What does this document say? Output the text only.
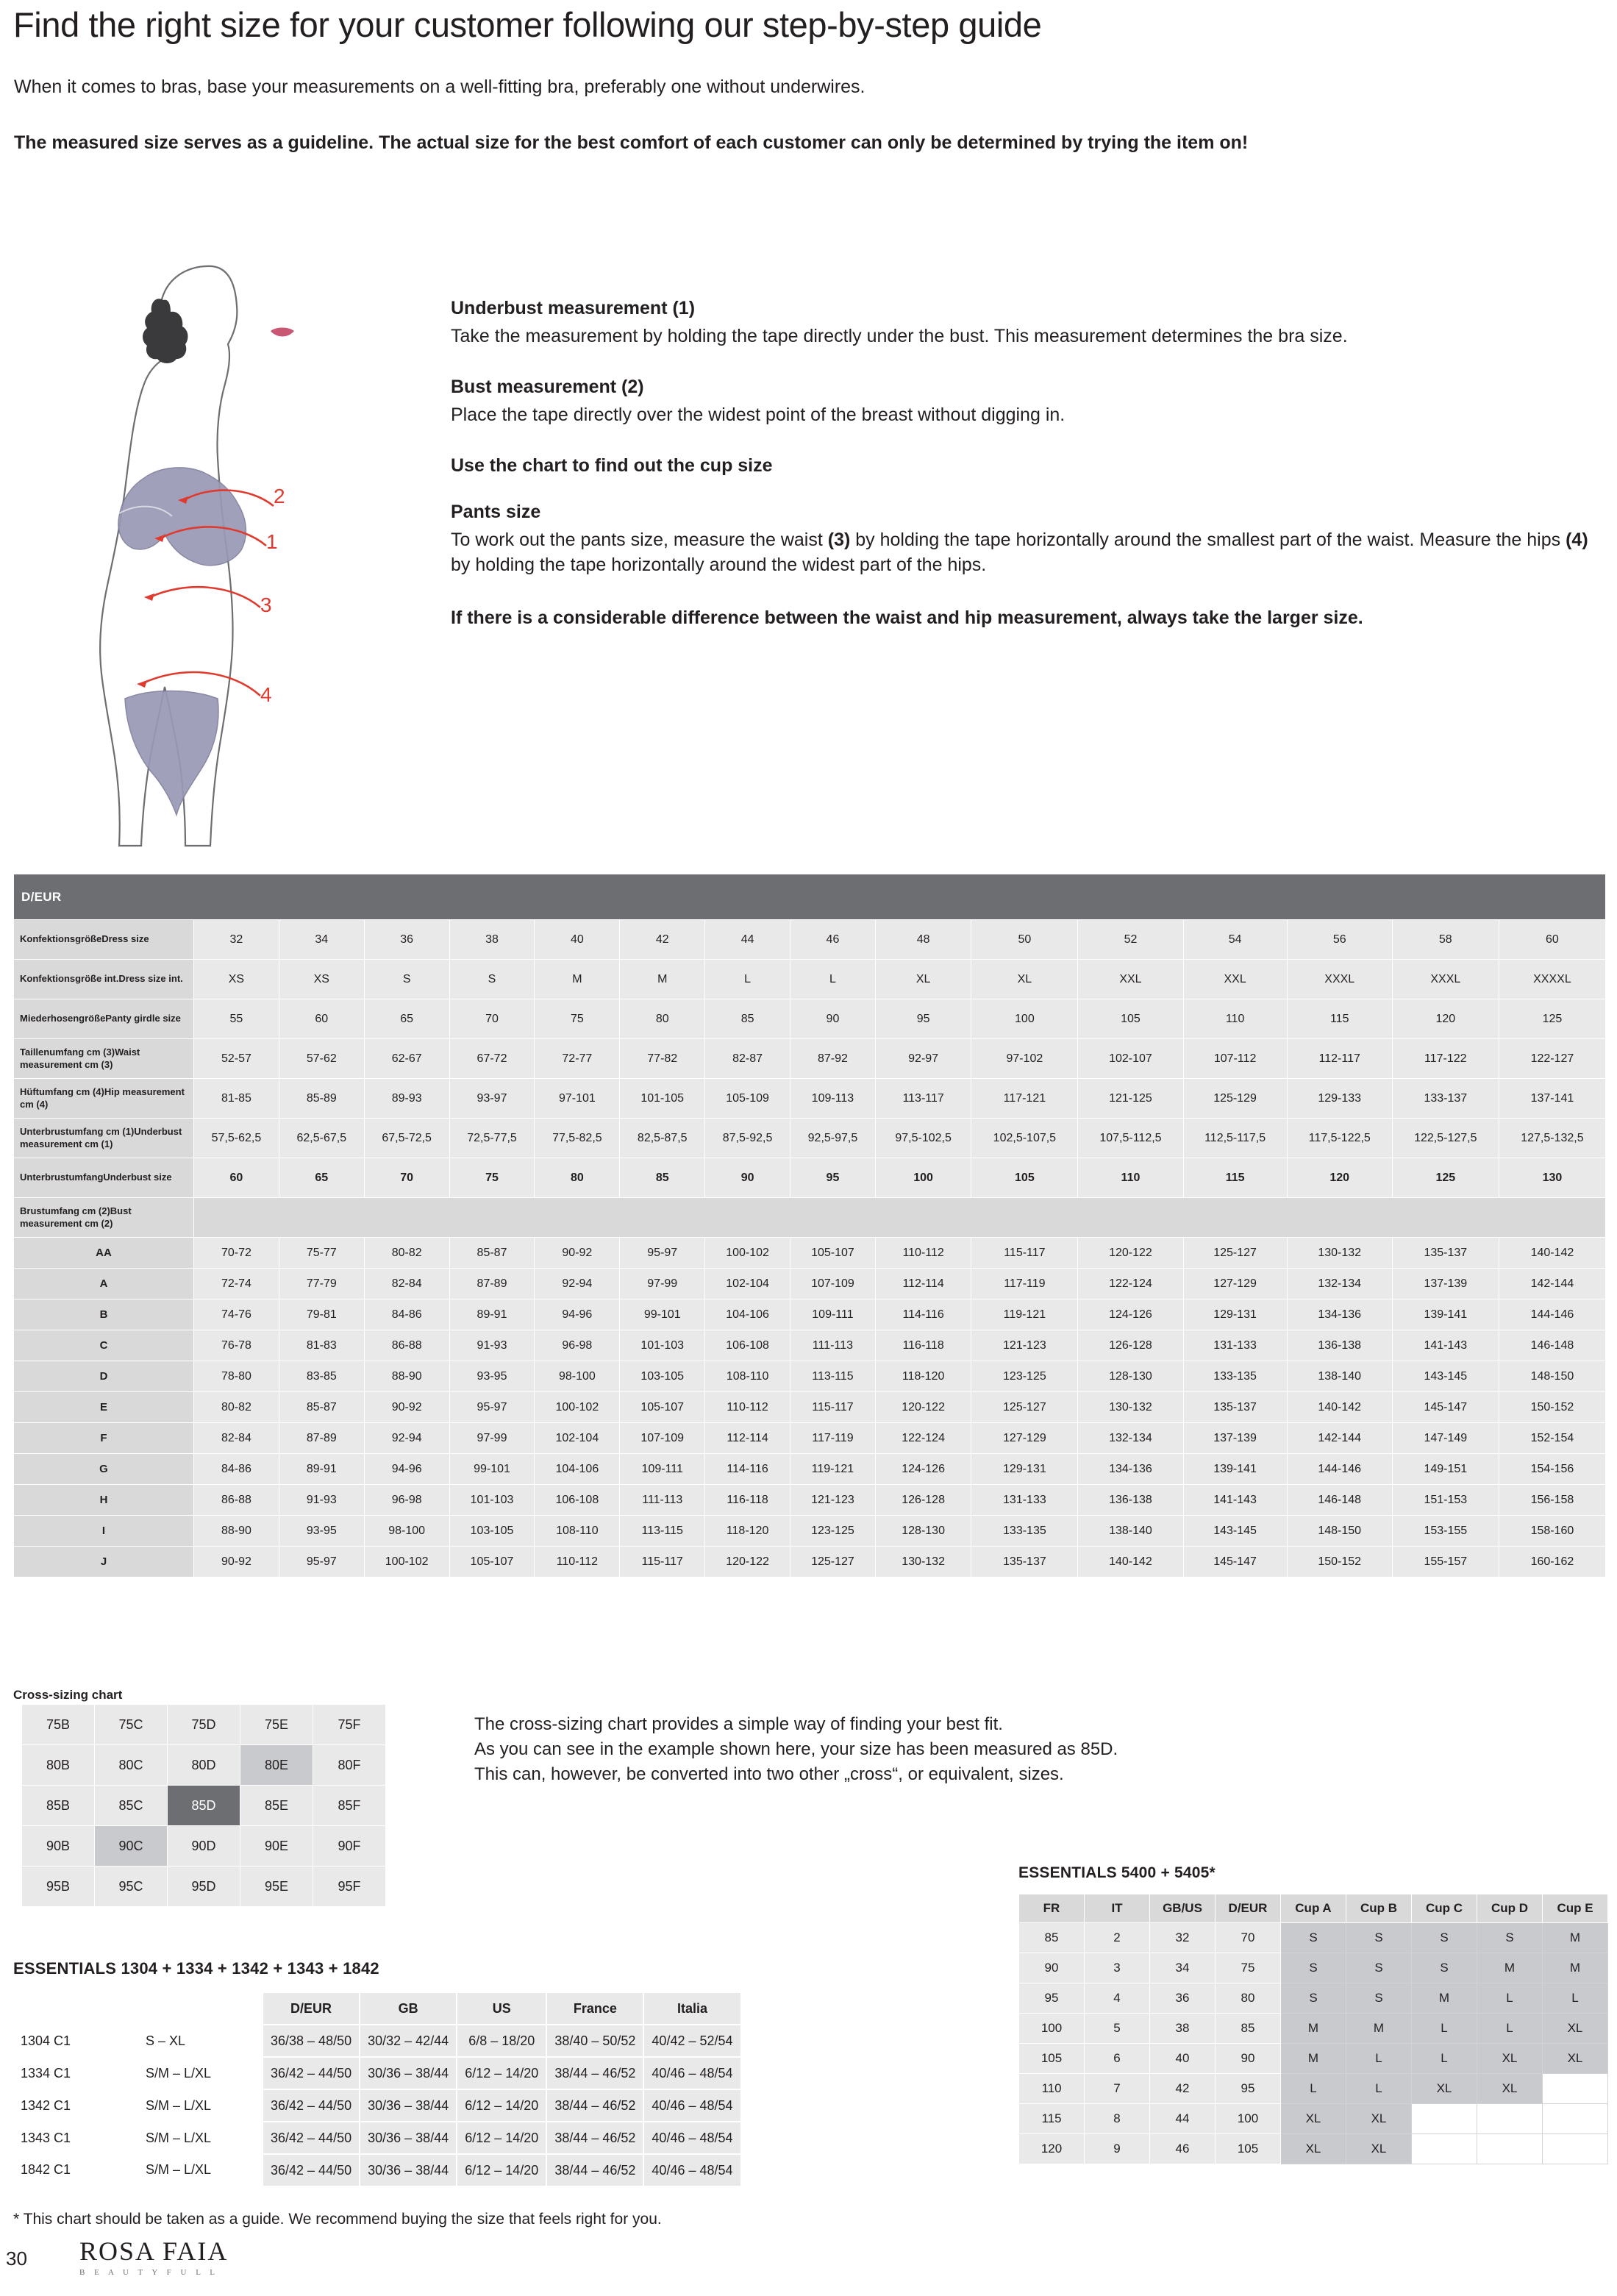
Find the right size for your customer following our step-by-step guide
When it comes to bras, base your measurements on a well-fitting bra, preferably one without underwires.
The measured size serves as a guideline. The actual size for the best comfort of each customer can only be determined by trying the item on!
2
1
3
4
Underbust measurement (1)

Take the measurement by holding the tape directly under the bust. This measurement determines the bra size.

Bust measurement (2)

Place the tape directly over the widest point of the breast without digging in.

Use the chart to find out the cup size
Pants size

To work out the pants size, measure the waist (3) by holding the tape horizontally around the smallest part of the waist. Measure the hips (4) by holding the tape horizontally around the widest part of the hips.

If there is a considerable difference between the waist and hip measurement, always take the larger size.
D/EUR															
KonfektionsgrößeDress size	32	34	36	38	40	42	44	46	48	50	52	54	56	58	60
Konfektionsgröße int.Dress size int.	XS	XS	S	S	M	M	L	L	XL	XL	XXL	XXL	XXXL	XXXL	XXXXL
MiederhosengrößePanty girdle size	55	60	65	70	75	80	85	90	95	100	105	110	115	120	125
Taillenumfang cm (3)Waist measurement cm (3)	52-57	57-62	62-67	67-72	72-77	77-82	82-87	87-92	92-97	97-102	102-107	107-112	112-117	117-122	122-127
Hüftumfang cm (4)Hip measurement cm (4)	81-85	85-89	89-93	93-97	97-101	101-105	105-109	109-113	113-117	117-121	121-125	125-129	129-133	133-137	137-141
Unterbrustumfang cm (1)Underbust measurement cm (1)	57,5-62,5	62,5-67,5	67,5-72,5	72,5-77,5	77,5-82,5	82,5-87,5	87,5-92,5	92,5-97,5	97,5-102,5	102,5-107,5	107,5-112,5	112,5-117,5	117,5-122,5	122,5-127,5	127,5-132,5
UnterbrustumfangUnderbust size	60	65	70	75	80	85	90	95	100	105	110	115	120	125	130
Brustumfang cm (2)Bust measurement cm (2)															
AA	70-72	75-77	80-82	85-87	90-92	95-97	100-102	105-107	110-112	115-117	120-122	125-127	130-132	135-137	140-142
A	72-74	77-79	82-84	87-89	92-94	97-99	102-104	107-109	112-114	117-119	122-124	127-129	132-134	137-139	142-144
B	74-76	79-81	84-86	89-91	94-96	99-101	104-106	109-111	114-116	119-121	124-126	129-131	134-136	139-141	144-146
C	76-78	81-83	86-88	91-93	96-98	101-103	106-108	111-113	116-118	121-123	126-128	131-133	136-138	141-143	146-148
D	78-80	83-85	88-90	93-95	98-100	103-105	108-110	113-115	118-120	123-125	128-130	133-135	138-140	143-145	148-150
E	80-82	85-87	90-92	95-97	100-102	105-107	110-112	115-117	120-122	125-127	130-132	135-137	140-142	145-147	150-152
F	82-84	87-89	92-94	97-99	102-104	107-109	112-114	117-119	122-124	127-129	132-134	137-139	142-144	147-149	152-154
G	84-86	89-91	94-96	99-101	104-106	109-111	114-116	119-121	124-126	129-131	134-136	139-141	144-146	149-151	154-156
H	86-88	91-93	96-98	101-103	106-108	111-113	116-118	121-123	126-128	131-133	136-138	141-143	146-148	151-153	156-158
I	88-90	93-95	98-100	103-105	108-110	113-115	118-120	123-125	128-130	133-135	138-140	143-145	148-150	153-155	158-160
J	90-92	95-97	100-102	105-107	110-112	115-117	120-122	125-127	130-132	135-137	140-142	145-147	150-152	155-157	160-162
Cross-sizing chart
75B	75C	75D	75E	75F
80B	80C	80D	80E	80F
85B	85C	85D	85E	85F
90B	90C	90D	90E	90F
95B	95C	95D	95E	95F
The cross-sizing chart provides a simple way of finding your best fit.
As you can see in the example shown here, your size has been measured as 85D.
This can, however, be converted into two other „cross“, or equivalent, sizes.
ESSENTIALS 5400 + 5405*
FR	IT	GB/US	D/EUR	Cup A	Cup B	Cup C	Cup D	Cup E
85	2	32	70	S	S	S	S	M
90	3	34	75	S	S	S	M	M
95	4	36	80	S	S	M	L	L
100	5	38	85	M	M	L	L	XL
105	6	40	90	M	L	L	XL	XL
110	7	42	95	L	L	XL	XL	
115	8	44	100	XL	XL			
120	9	46	105	XL	XL			
ESSENTIALS 1304 + 1334 + 1342 + 1343 + 1842
		D/EUR	GB	US	France	Italia
1304 C1	S – XL	36/38 – 48/50	30/32 – 42/44	6/8 – 18/20	38/40 – 50/52	40/42 – 52/54
1334 C1	S/M – L/XL	36/42 – 44/50	30/36 – 38/44	6/12 – 14/20	38/44 – 46/52	40/46 – 48/54
1342 C1	S/M – L/XL	36/42 – 44/50	30/36 – 38/44	6/12 – 14/20	38/44 – 46/52	40/46 – 48/54
1343 C1	S/M – L/XL	36/42 – 44/50	30/36 – 38/44	6/12 – 14/20	38/44 – 46/52	40/46 – 48/54
1842 C1	S/M – L/XL	36/42 – 44/50	30/36 – 38/44	6/12 – 14/20	38/44 – 46/52	40/46 – 48/54
* This chart should be taken as a guide. We recommend buying the size that feels right for you.
30 ROSA FAIA
B E A U T Y F U L L
